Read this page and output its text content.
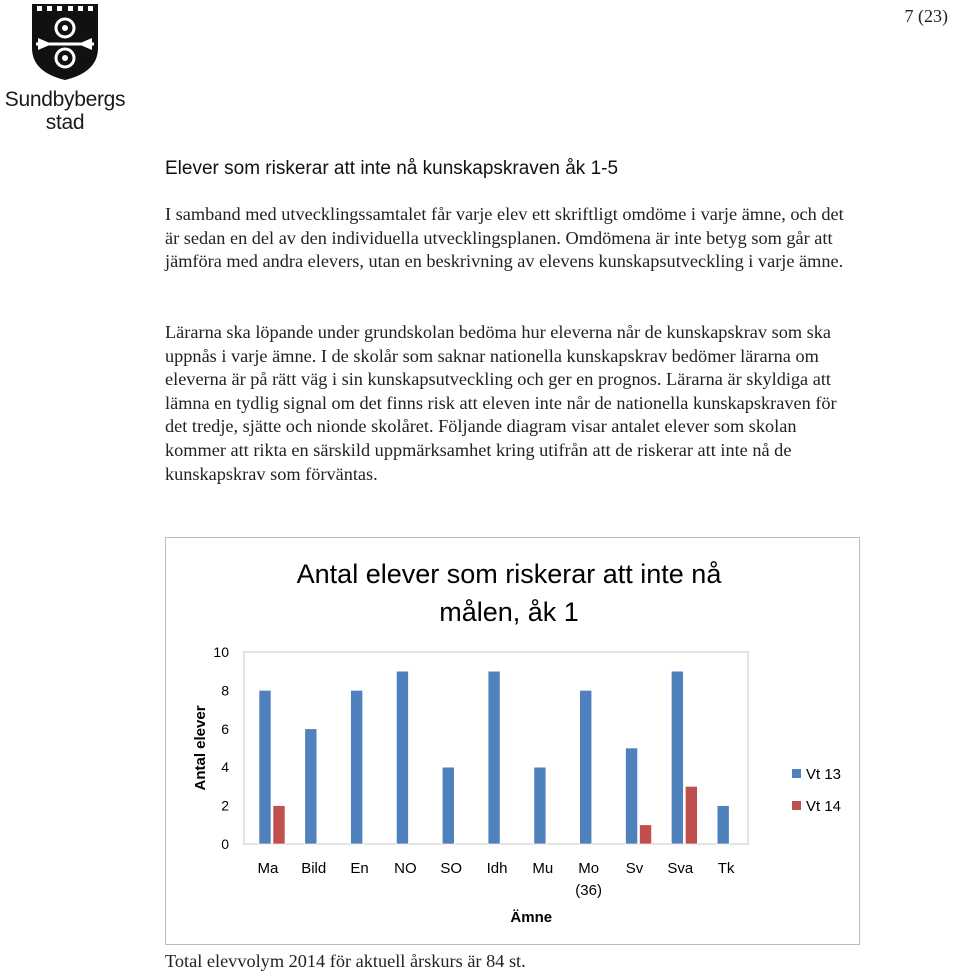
Sundbybergs
stad
7 (23)
Elever som riskerar att inte nå kunskapskraven åk 1-5

I samband med utvecklingssamtalet får varje elev ett skriftligt omdöme i varje ämne, och det är sedan en del av den individuella utvecklingsplanen. Omdömena är inte betyg som går att jämföra med andra elevers, utan en beskrivning av elevens kunskapsutveckling i varje ämne.

Lärarna ska löpande under grundskolan bedöma hur eleverna når de kunskapskrav som ska uppnås i varje ämne. I de skolår som saknar nationella kunskapskrav bedömer lärarna om eleverna är på rätt väg i sin kunskapsutveckling och ger en prognos. Lärarna är skyldiga att lämna en tydlig signal om det finns risk att eleven inte når de nationella kunskapskraven för det tredje, sjätte och nionde skolåret. Följande diagram visar antalet elever som skolan kommer att rikta en särskild uppmärksamhet kring utifrån att de riskerar att inte nå de kunskapskrav som förväntas.

Antal elever som riskerar att inte nå
målen, åk 1
0
2
4
6
8
10
Antal elever
Ma Bild En NO SO Idh Mu Mo
(36)
Sv Sva Tk
Ämne
Vt 13
Vt 14
Total elevvolym 2014 för aktuell årskurs är 84 st.
